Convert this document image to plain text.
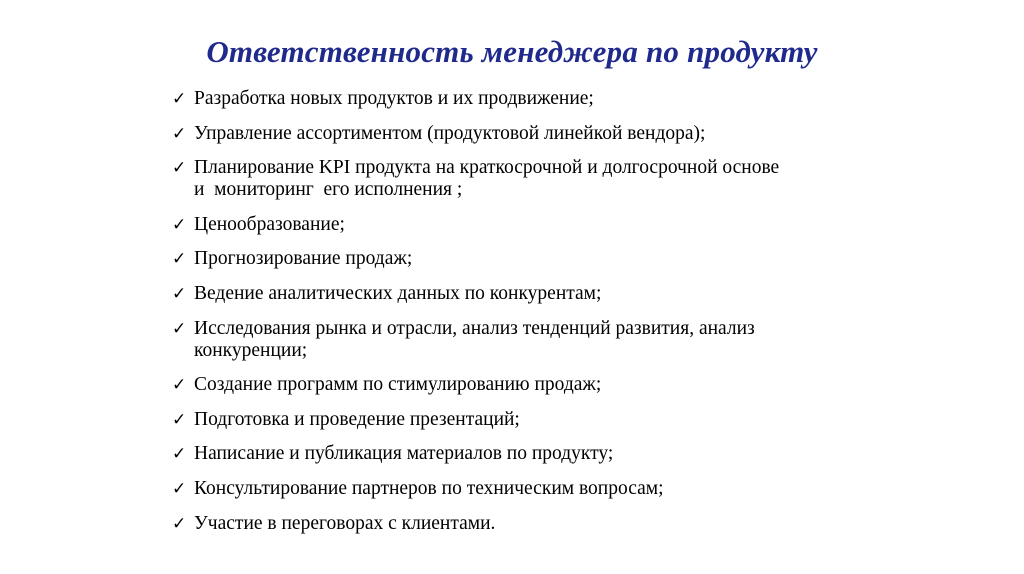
Ответственность менеджера по продукту
✓ Разработка новых продуктов и их продвижение;
✓ Управление ассортиментом (продуктовой линейкой вендора);
✓ Планирование KPI продукта на краткосрочной и долгосрочной основе
и  мониторинг  его исполнения ;
✓ Ценообразование;
✓ Прогнозирование продаж;
✓ Ведение аналитических данных по конкурентам;
✓ Исследования рынка и отрасли, анализ тенденций развития, анализ
конкуренции;
✓ Создание программ по стимулированию продаж;
✓ Подготовка и проведение презентаций;
✓ Написание и публикация материалов по продукту;
✓ Консультирование партнеров по техническим вопросам;
✓ Участие в переговорах с клиентами.
